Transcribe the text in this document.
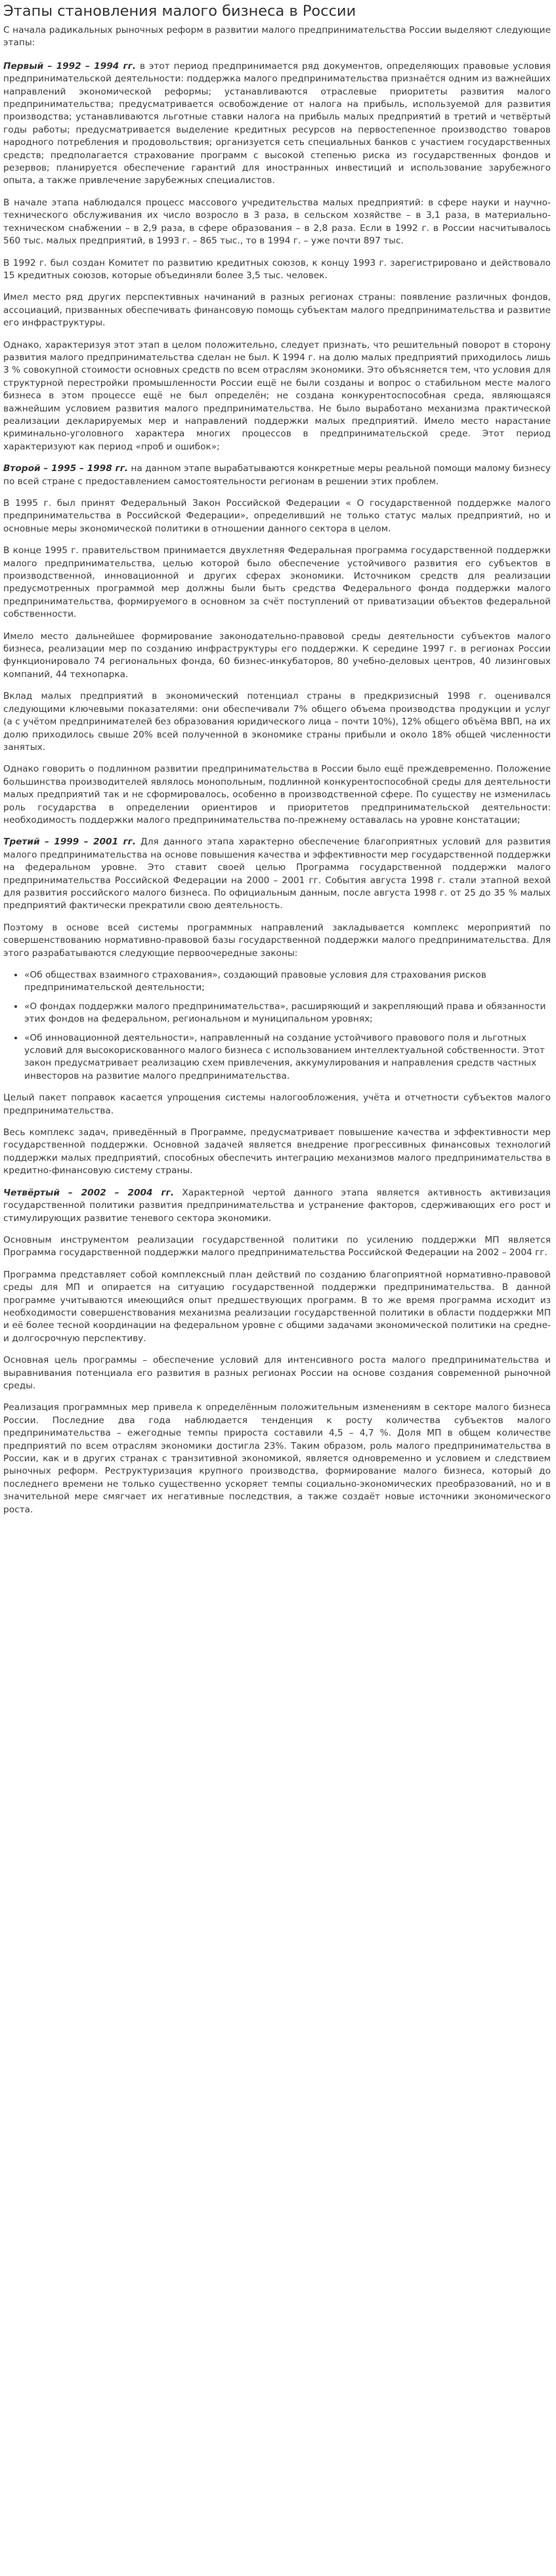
Этапы становления малого бизнеса в России

С начала радикальных рыночных реформ в развитии малого предпринимательства России выделяют следующие этапы:

Первый – 1992 – 1994 гг. в этот период предпринимается ряд документов, определяющих правовые условия предпринимательской деятельности: поддержка малого предпринимательства признаётся одним из важнейших направлений экономической реформы; устанавливаются отраслевые приоритеты развития малого предпринимательства; предусматривается освобождение от налога на прибыль, используемой для развития производства; устанавливаются льготные ставки налога на прибыль малых предприятий в третий и четвёртый годы работы; предусматривается выделение кредитных ресурсов на первостепенное производство товаров народного потребления и продовольствия; организуется сеть специальных банков с участием государственных средств; предполагается страхование программ с высокой степенью риска из государственных фондов и резервов; планируется обеспечение гарантий для иностранных инвестиций и использование зарубежного опыта, а также привлечение зарубежных специалистов.

В начале этапа наблюдался процесс массового учредительства малых предприятий: в сфере науки и научно-технического обслуживания их число возросло в 3 раза, в сельском хозяйстве – в 3,1 раза, в материально-техническом снабжении – в 2,9 раза, в сфере образования – в 2,8 раза. Если в 1992 г. в России насчитывалось 560 тыс. малых предприятий, в 1993 г. – 865 тыс., то в 1994 г. – уже почти 897 тыс.

В 1992 г. был создан Комитет по развитию кредитных союзов, к концу 1993 г. зарегистрировано и действовало 15 кредитных союзов, которые объединяли более 3,5 тыс. человек.

Имел место ряд других перспективных начинаний в разных регионах страны: появление различных фондов, ассоциаций, призванных обеспечивать финансовую помощь субъектам малого предпринимательства и развитие его инфраструктуры.

Однако, характеризуя этот этап в целом положительно, следует признать, что решительный поворот в сторону развития малого предпринимательства сделан не был. К 1994 г. на долю малых предприятий приходилось лишь 3 % совокупной стоимости основных средств по всем отраслям экономики. Это объясняется тем, что условия для структурной перестройки промышленности России ещё не были созданы и вопрос о стабильном месте малого бизнеса в этом процессе ещё не был определён; не создана конкурентоспособная среда, являющаяся важнейшим условием развития малого предпринимательства. Не было выработано механизма практической реализации декларируемых мер и направлений поддержки малых предприятий. Имело место нарастание криминально-уголовного характера многих процессов в предпринимательской среде. Этот период характеризуют как период «проб и ошибок»;

Второй – 1995 – 1998 гг. на данном этапе вырабатываются конкретные меры реальной помощи малому бизнесу по всей стране с предоставлением самостоятельности регионам в решении этих проблем.

В 1995 г. был принят Федеральный Закон Российской Федерации « О государственной поддержке малого предпринимательства в Российской Федерации», определивший не только статус малых предприятий, но и основные меры экономической политики в отношении данного сектора в целом.

В конце 1995 г. правительством принимается двухлетняя Федеральная программа государственной поддержки малого предпринимательства, целью которой было обеспечение устойчивого развития его субъектов в производственной, инновационной и других сферах экономики. Источником средств для реализации предусмотренных программой мер должны были быть средства Федерального фонда поддержки малого предпринимательства, формируемого в основном за счёт поступлений от приватизации объектов федеральной собственности.

Имело место дальнейшее формирование законодательно-правовой среды деятельности субъектов малого бизнеса, реализации мер по созданию инфраструктуры его поддержки. К середине 1997 г. в регионах России функционировало 74 региональных фонда, 60 бизнес-инкубаторов, 80 учебно-деловых центров, 40 лизинговых компаний, 44 технопарка.

Вклад малых предприятий в экономический потенциал страны в предкризисный 1998 г. оценивался следующими ключевыми показателями: они обеспечивали 7% общего объема производства продукции и услуг (а с учётом предпринимателей без образования юридического лица – почти 10%), 12% общего объёма ВВП, на их долю приходилось свыше 20% всей полученной в экономике страны прибыли и около 18% общей численности занятых.

Однако говорить о подлинном развитии предпринимательства в России было ещё преждевременно. Положение большинства производителей являлось монопольным, подлинной конкурентоспособной среды для деятельности малых предприятий так и не сформировалось, особенно в производственной сфере. По существу не изменилась роль государства в определении ориентиров и приоритетов предпринимательской деятельности: необходимость поддержки малого предпринимательства по-прежнему оставалась на уровне констатации;

Третий – 1999 – 2001 гг. Для данного этапа характерно обеспечение благоприятных условий для развития малого предпринимательства на основе повышения качества и эффективности мер государственной поддержки на федеральном уровне. Это ставит своей целью Программа государственной поддержки малого предпринимательства Российской Федерации на 2000 – 2001 гг. События августа 1998 г. стали этапной вехой для развития российского малого бизнеса. По официальным данным, после августа 1998 г. от 25 до 35 % малых предприятий фактически прекратили свою деятельность.

Поэтому в основе всей системы программных направлений закладывается комплекс мероприятий по совершенствованию нормативно-правовой базы государственной поддержки малого предпринимательства. Для этого разрабатываются следующие первоочередные законы:

• «Об обществах взаимного страхования», создающий правовые условия для страхования рисков предпринимательской деятельности;
• «О фондах поддержки малого предпринимательства», расширяющий и закрепляющий права и обязанности этих фондов на федеральном, региональном и муниципальном уровнях;
• «Об инновационной деятельности», направленный на создание устойчивого правового поля и льготных условий для высокорискованного малого бизнеса с использованием интеллектуальной собственности. Этот закон предусматривает реализацию схем привлечения, аккумулирования и направления средств частных инвесторов на развитие малого предпринимательства.

Целый пакет поправок касается упрощения системы налогообложения, учёта и отчетности субъектов малого предпринимательства.

Весь комплекс задач, приведённый в Программе, предусматривает повышение качества и эффективности мер государственной поддержки. Основной задачей является внедрение прогрессивных финансовых технологий поддержки малых предприятий, способных обеспечить интеграцию механизмов малого предпринимательства в кредитно-финансовую систему страны.

Четвёртый – 2002 – 2004 гг. Характерной чертой данного этапа является активность активизация государственной политики развития предпринимательства и устранение факторов, сдерживающих его рост и стимулирующих развитие теневого сектора экономики.

Основным инструментом реализации государственной политики по усилению поддержки МП является Программа государственной поддержки малого предпринимательства Российской Федерации на 2002 – 2004 гг.

Программа представляет собой комплексный план действий по созданию благоприятной нормативно-правовой среды для МП и опирается на ситуацию государственной поддержки предпринимательства. В данной программе учитываются имеющийся опыт предшествующих программ. В то же время программа исходит из необходимости совершенствования механизма реализации государственной политики в области поддержки МП и её более тесной координации на федеральном уровне с общими задачами экономической политики на средне- и долгосрочную перспективу.

Основная цель программы – обеспечение условий для интенсивного роста малого предпринимательства и выравнивания потенциала его развития в разных регионах России на основе создания современной рыночной среды.

Реализация программных мер привела к определённым положительным изменениям в секторе малого бизнеса России. Последние два года наблюдается тенденция к росту количества субъектов малого предпринимательства – ежегодные темпы прироста составили 4,5 – 4,7 %. Доля МП в общем количестве предприятий по всем отраслям экономики достигла 23%. Таким образом, роль малого предпринимательства в России, как и в других странах с транзитивной экономикой, является одновременно и условием и следствием рыночных реформ. Реструктуризация крупного производства, формирование малого бизнеса, который до последнего времени не только существенно ускоряет темпы социально-экономических преобразований, но и в значительной мере смягчает их негативные последствия, а также создаёт новые источники экономического роста.
